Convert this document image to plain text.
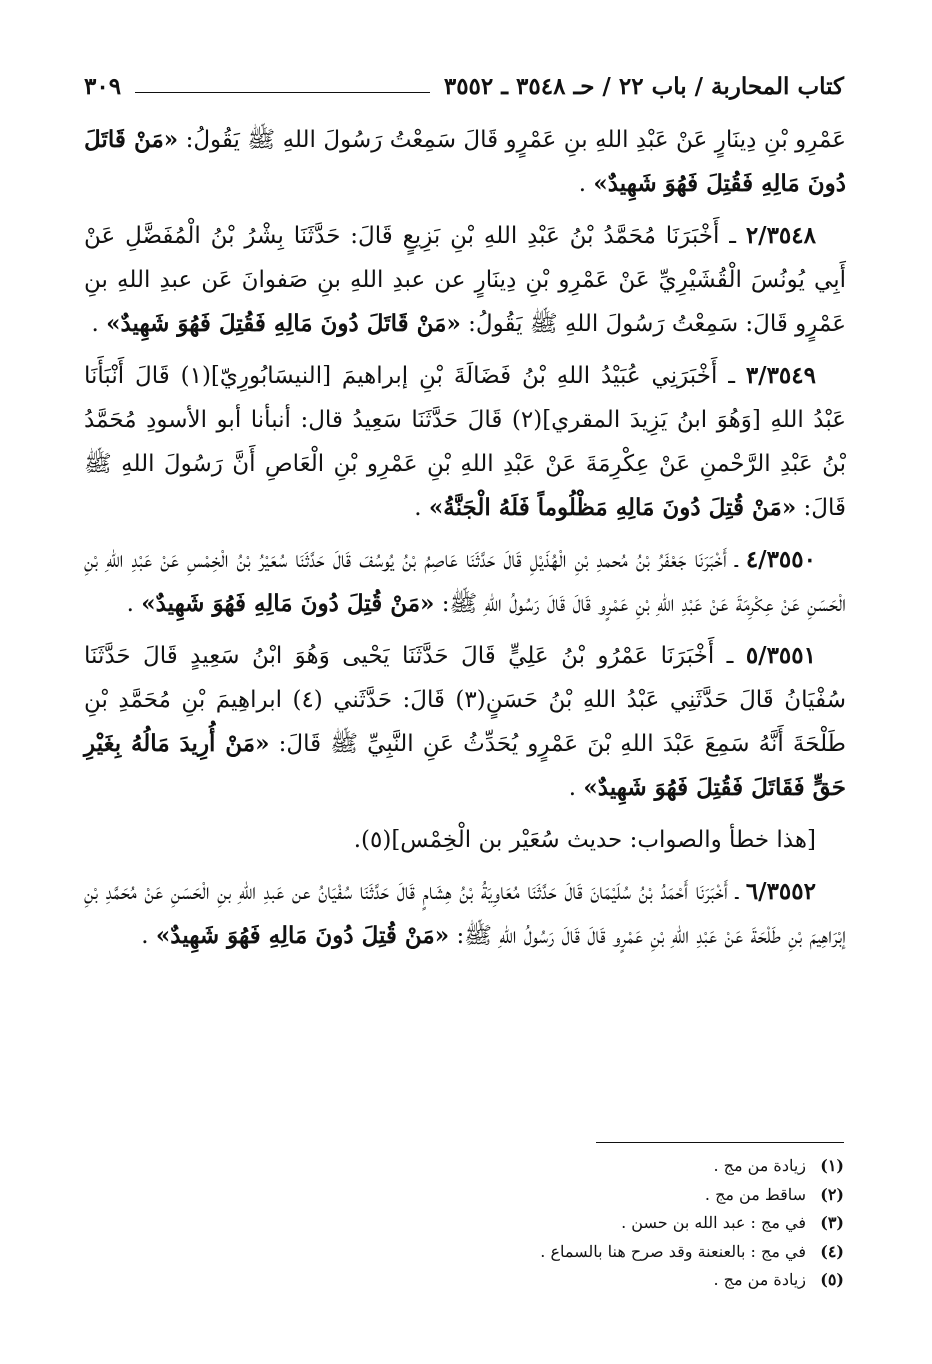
كتاب المحاربة / باب ٢٢ / حـ ٣٥٤٨ ـ ٣٥٥٢
٣٠٩

عَمْرِو بْنِ دِينَارٍ عَنْ عَبْدِ اللهِ بنِ عَمْرٍو قَالَ سَمِعْتُ رَسُولَ اللهِ ﷺ يَقُولُ: «مَنْ قَاتَلَ دُونَ مَالِهِ فَقُتِلَ فَهُوَ شَهِيدٌ» .

٢/٣٥٤٨ ـ أَخْبَرَنَا مُحَمَّدُ بْنُ عَبْدِ اللهِ بْنِ بَزِيعٍ قَالَ: حَدَّثَنَا بِشْرُ بْنُ الْمُفَضَّلِ عَنْ أَبِي يُونُسَ الْقُشَيْرِيِّ عَنْ عَمْرِو بْنِ دِينَارٍ عن عبدِ اللهِ بنِ صَفوانَ عَن عبدِ اللهِ بنِ عَمْرٍو قَالَ: سَمِعْتُ رَسُولَ اللهِ ﷺ يَقُولُ: «مَنْ قَاتَلَ دُونَ مَالِهِ فَقُتِلَ فَهُوَ شَهِيدٌ» .

٣/٣٥٤٩ ـ أَخْبَرَنِي عُبَيْدُ اللهِ بْنُ فَضَالَةَ بْنِ إبراهيمَ [النيسَابُورِيّ](١) قَالَ أَنْبَأَنَا عَبْدُ اللهِ [وَهُوَ ابنُ يَزِيدَ المقري](٢) قَالَ حَدَّثَنَا سَعِيدُ قال: أنبأنا أبو الأسودِ مُحَمَّدُ بْنُ عَبْدِ الرَّحْمنِ عَنْ عِكْرِمَةَ عَنْ عَبْدِ اللهِ بْنِ عَمْرِو بْنِ الْعَاصِ أَنَّ رَسُولَ اللهِ ﷺ قَالَ: «مَنْ قُتِلَ دُونَ مَالِهِ مَظْلُوماً فَلَهُ الْجَنَّةُ» .

٤/٣٥٥٠ ـ أَخْبَرَنَا جَعْفَرُ بْنُ مُحمدِ بْنِ الْهُذَيْلِ قَالَ حَدَّثَنَا عَاصِمُ بْنُ يُوسُفَ قَالَ حَدَّثَنَا سُعَيْرُ بْنُ الْخِمْسِ عَنْ عَبْدِ اللهِ بْنِ الْحَسَنِ عَنْ عِكْرِمَةَ عَنْ عَبْدِ اللهِ بْنِ عَمْرٍو قَالَ قَالَ رَسُولُ اللهِ ﷺ: «مَنْ قُتِلَ دُونَ مَالِهِ فَهُوَ شَهِيدٌ» .

٥/٣٥٥١ ـ أَخْبَرَنَا عَمْرُو بْنُ عَلِيٍّ قَالَ حَدَّثَنَا يَحْيى وَهُوَ ابْنُ سَعِيدٍ قَالَ حَدَّثَنَا سُفْيَانُ قَالَ حَدَّثَنِي عَبْدُ اللهِ بْنُ حَسَنٍ(٣) قَالَ: حَدَّثَني (٤) ابراهِيمَ بْنِ مُحَمَّدِ بْنِ طَلْحَةَ أَنَّهُ سَمِعَ عَبْدَ اللهِ بْنَ عَمْرٍو يُحَدِّثُ عَنِ النَّبِيِّ ﷺ قَالَ: «مَنْ أُرِيدَ مَالُهُ بِغَيْرِ حَقٍّ فَقَاتَلَ فَقُتِلَ فَهُوَ شَهِيدٌ» .

[هذا خطأ والصواب: حديث سُعَيْر بن الْخِمْس](٥).

٦/٣٥٥٢ ـ أَخْبَرَنَا أَحْمَدُ بْنُ سُلَيْمَانَ قَالَ حَدَّثَنَا مُعَاوِيَةُ بْنُ هِشَامٍ قَالَ حَدَّثَنَا سُفْيَانُ عن عَبدِ اللهِ بنِ الْحَسَنِ عَنْ مُحَمَّدِ بْنِ إبْرَاهِيمَ بْنِ طَلْحَةَ عَنْ عَبْدِ اللهِ بْنِ عَمْرٍو قَالَ قَالَ رَسُولُ اللهِ ﷺ: «مَنْ قُتِلَ دُونَ مَالِهِ فَهُوَ شَهِيدٌ» .

(١)
زيادة من مج .
(٢)
ساقط من مج .
(٣)
في مج : عبد الله بن حسن .
(٤)
في مج : بالعنعنة وقد صرح هنا بالسماع .
(٥)
زيادة من مج .
